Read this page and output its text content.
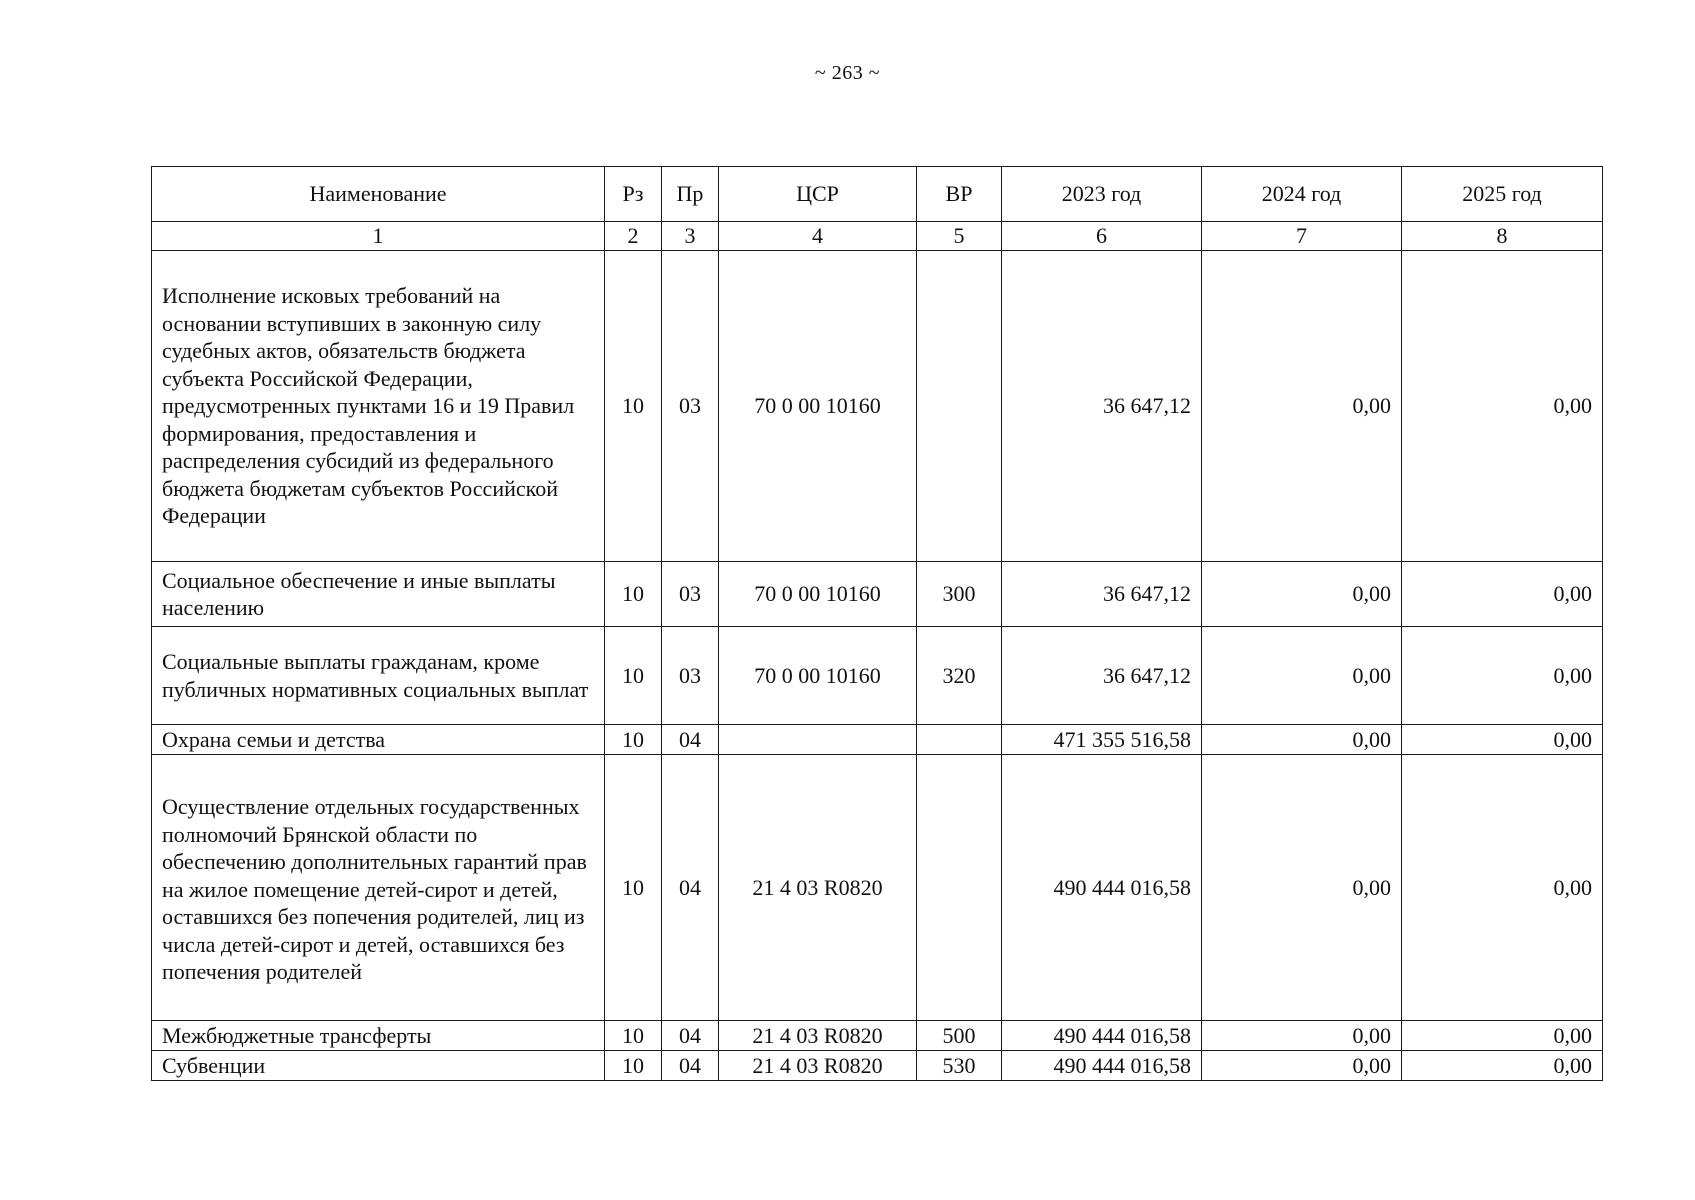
~ 263 ~
Наименование	Рз	Пр	ЦСР	ВР	2023 год	2024 год	2025 год
1	2	3	4	5	6	7	8
Исполнение исковых требований на основании вступивших в законную силу судебных актов, обязательств бюджета субъекта Российской Федерации, предусмотренных пунктами 16 и 19 Правил формирования, предоставления и распределения субсидий из федерального бюджета бюджетам субъектов Российской Федерации	10	03	70 0 00 10160		36 647,12	0,00	0,00
Социальное обеспечение и иные выплаты населению	10	03	70 0 00 10160	300	36 647,12	0,00	0,00
Социальные выплаты гражданам, кроме публичных нормативных социальных выплат	10	03	70 0 00 10160	320	36 647,12	0,00	0,00
Охрана семьи и детства	10	04			471 355 516,58	0,00	0,00
Осуществление отдельных государственных полномочий Брянской области по обеспечению дополнительных гарантий прав на жилое помещение детей-сирот и детей, оставшихся без попечения родителей, лиц из числа детей-сирот и детей, оставшихся без попечения родителей	10	04	21 4 03 R0820		490 444 016,58	0,00	0,00
Межбюджетные трансферты	10	04	21 4 03 R0820	500	490 444 016,58	0,00	0,00
Субвенции	10	04	21 4 03 R0820	530	490 444 016,58	0,00	0,00
